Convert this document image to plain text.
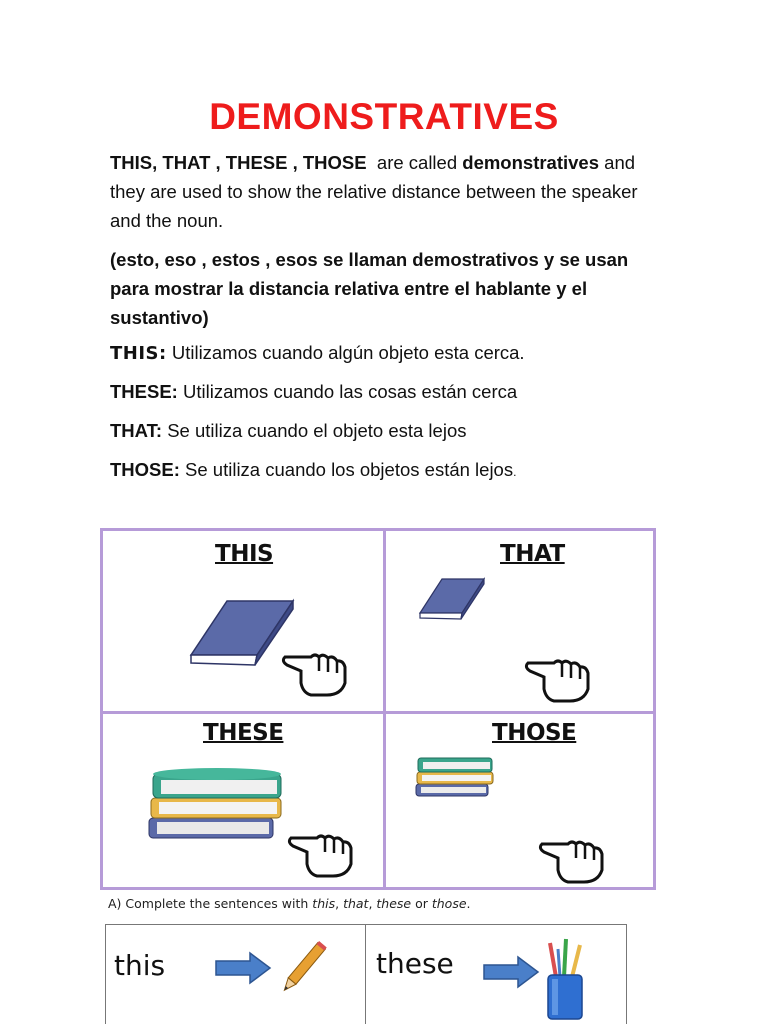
DEMONSTRATIVES
THIS, THAT , THESE , THOSE  are called demonstratives and they are used to show the relative distance between the speaker and the noun.
(esto, eso , estos , esos se llaman demostrativos y se usan para mostrar la distancia relativa entre el hablante y el sustantivo)
THIS: Utilizamos cuando algún objeto esta cerca.
THESE: Utilizamos cuando las cosas están cerca
THAT: Se utiliza cuando el objeto esta lejos
THOSE: Se utiliza cuando los objetos están lejos.
THIS	THAT
THESE	THOSE
A) Complete the sentences with this, that, these or those.
this	these
